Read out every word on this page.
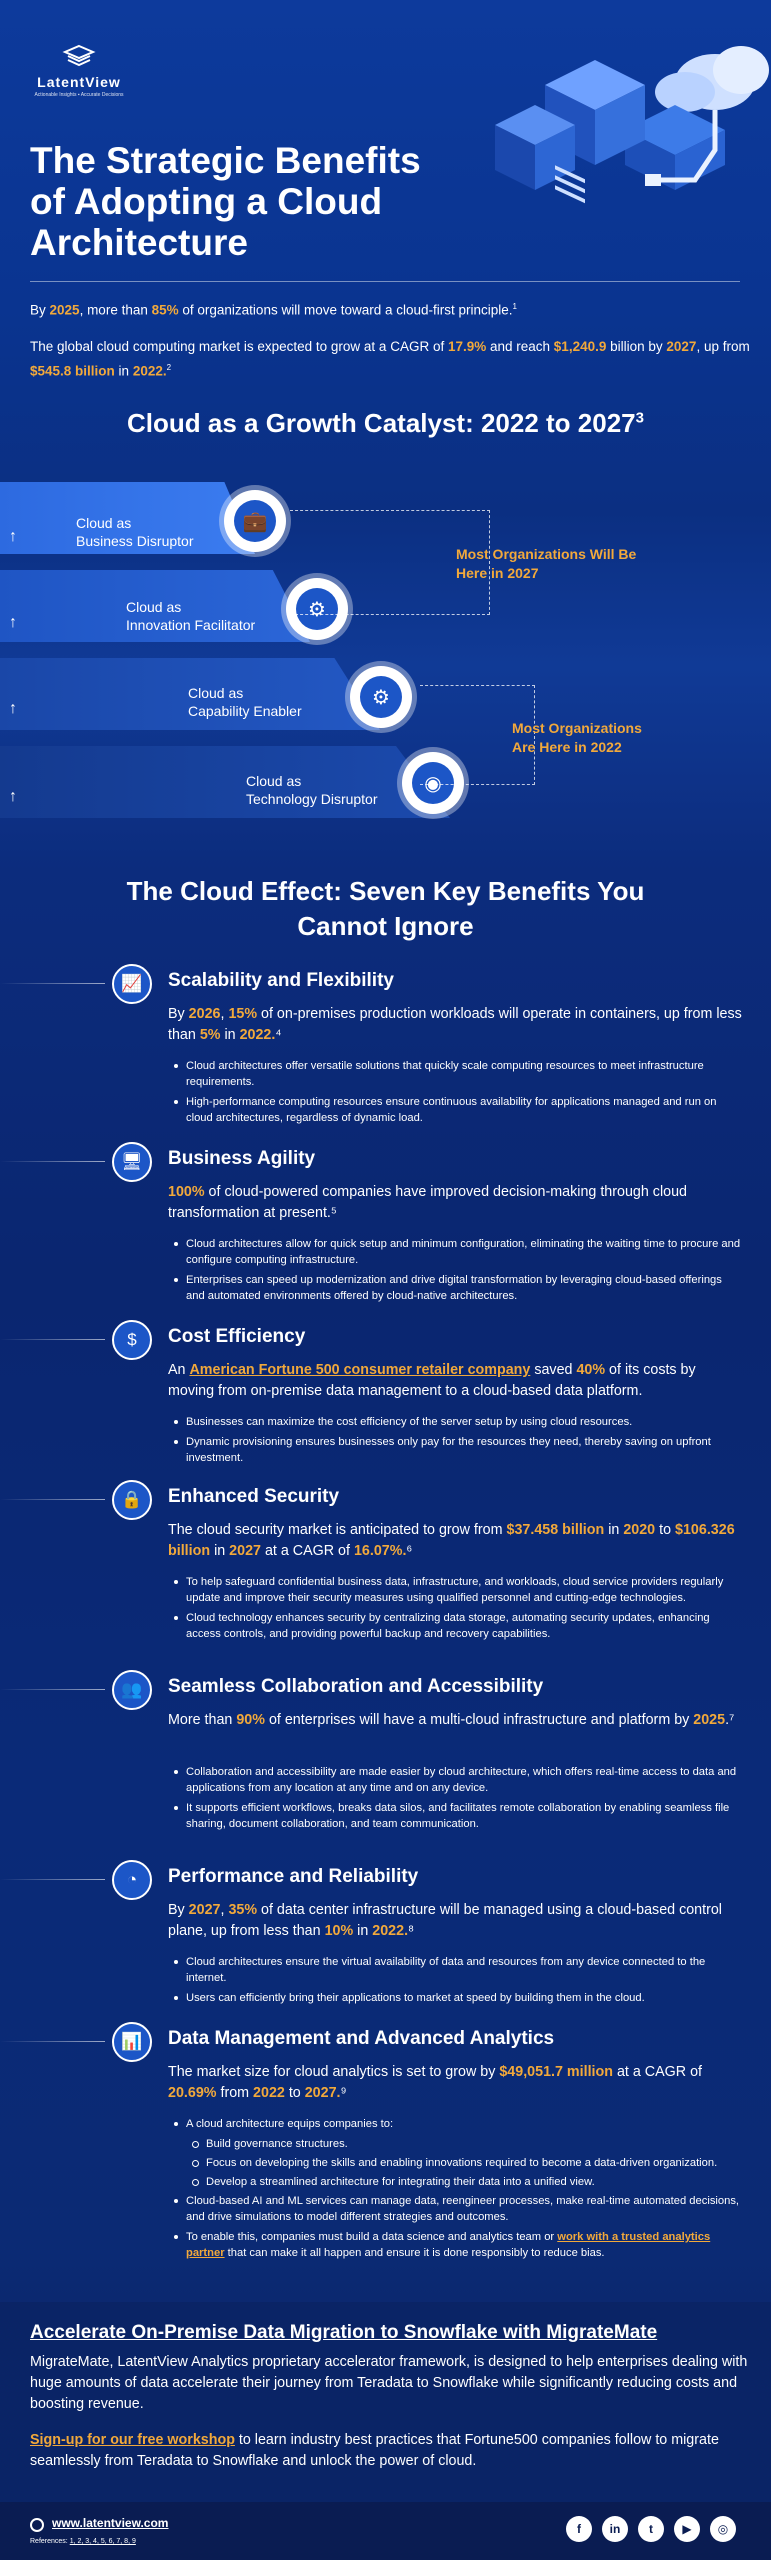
LatentView
Actionable Insights ▪ Accurate Decisions
The Strategic Benefits of Adopting a Cloud Architecture
By 2025, more than 85% of organizations will move toward a cloud-first principle.$^1$
The global cloud computing market is expected to grow at a CAGR of 17.9% and reach $1,240.9 billion by 2027, up from $545.8 billion in 2022.$^2$
Cloud as a Growth Catalyst: 2022 to 2027$^3$
↑
Cloud as
Business Disruptor
💼
↑
Cloud as
Innovation Facilitator
⚙
↑
Cloud as
Capability Enabler
⚙
↑
Cloud as
Technology Disruptor
◉
Most Organizations Will Be
Here in 2027
Most Organizations
Are Here in 2022
The Cloud Effect: Seven Key Benefits You
Cannot Ignore
📈	Scalability and Flexibility
By 2026, 15% of on-premises production workloads will operate in containers, up from less than 5% in 2022.⁴
Cloud architectures offer versatile solutions that quickly scale computing resources to meet infrastructure requirements.
High-performance computing resources ensure continuous availability for applications managed and run on cloud architectures, regardless of dynamic load.
🖥	Business Agility
100% of cloud-powered companies have improved decision-making through cloud transformation at present.⁵
Cloud architectures allow for quick setup and minimum configuration, eliminating the waiting time to procure and configure computing infrastructure.
Enterprises can speed up modernization and drive digital transformation by leveraging cloud-based offerings and automated environments offered by cloud-native architectures.
$	Cost Efficiency
An American Fortune 500 consumer retailer company saved 40% of its costs by moving from on-premise data management to a cloud-based data platform.
Businesses can maximize the cost efficiency of the server setup by using cloud resources.
Dynamic provisioning ensures businesses only pay for the resources they need, thereby saving on upfront investment.
🔒	Enhanced Security
The cloud security market is anticipated to grow from $37.458 billion in 2020 to $106.326 billion in 2027 at a CAGR of 16.07%.⁶
To help safeguard confidential business data, infrastructure, and workloads, cloud service providers regularly update and improve their security measures using qualified personnel and cutting-edge technologies.
Cloud technology enhances security by centralizing data storage, automating security updates, enhancing access controls, and providing powerful backup and recovery capabilities.
👥	Seamless Collaboration and Accessibility
More than 90% of enterprises will have a multi-cloud infrastructure and platform by 2025.⁷
Collaboration and accessibility are made easier by cloud architecture, which offers real-time access to data and applications from any location at any time and on any device.
It supports efficient workflows, breaks data silos, and facilitates remote collaboration by enabling seamless file sharing, document collaboration, and team communication.
◔	Performance and Reliability
By 2027, 35% of data center infrastructure will be managed using a cloud-based control plane, up from less than 10% in 2022.⁸
Cloud architectures ensure the virtual availability of data and resources from any device connected to the internet.
Users can efficiently bring their applications to market at speed by building them in the cloud.
📊	Data Management and Advanced Analytics
The market size for cloud analytics is set to grow by $49,051.7 million at a CAGR of 20.69% from 2022 to 2027.⁹
A cloud architecture equips companies to:
Build governance structures.
Focus on developing the skills and enabling innovations required to become a data-driven organization.
Develop a streamlined architecture for integrating their data into a unified view.
Cloud-based AI and ML services can manage data, reengineer processes, make real-time automated decisions, and drive simulations to model different strategies and outcomes.
To enable this, companies must build a data science and analytics team or work with a trusted analytics partner that can make it all happen and ensure it is done responsibly to reduce bias.
Accelerate On-Premise Data Migration to Snowflake with MigrateMate
MigrateMate, LatentView Analytics proprietary accelerator framework, is designed to help enterprises dealing with huge amounts of data accelerate their journey from Teradata to Snowflake while significantly reducing costs and boosting revenue.
Sign-up for our free workshop to learn industry best practices that Fortune500 companies follow to migrate seamlessly from Teradata to Snowflake and unlock the power of cloud.
www.latentview.com
References: 1, 2, 3, 4, 5, 6, 7, 8, 9
f	in	t	▶	◎
